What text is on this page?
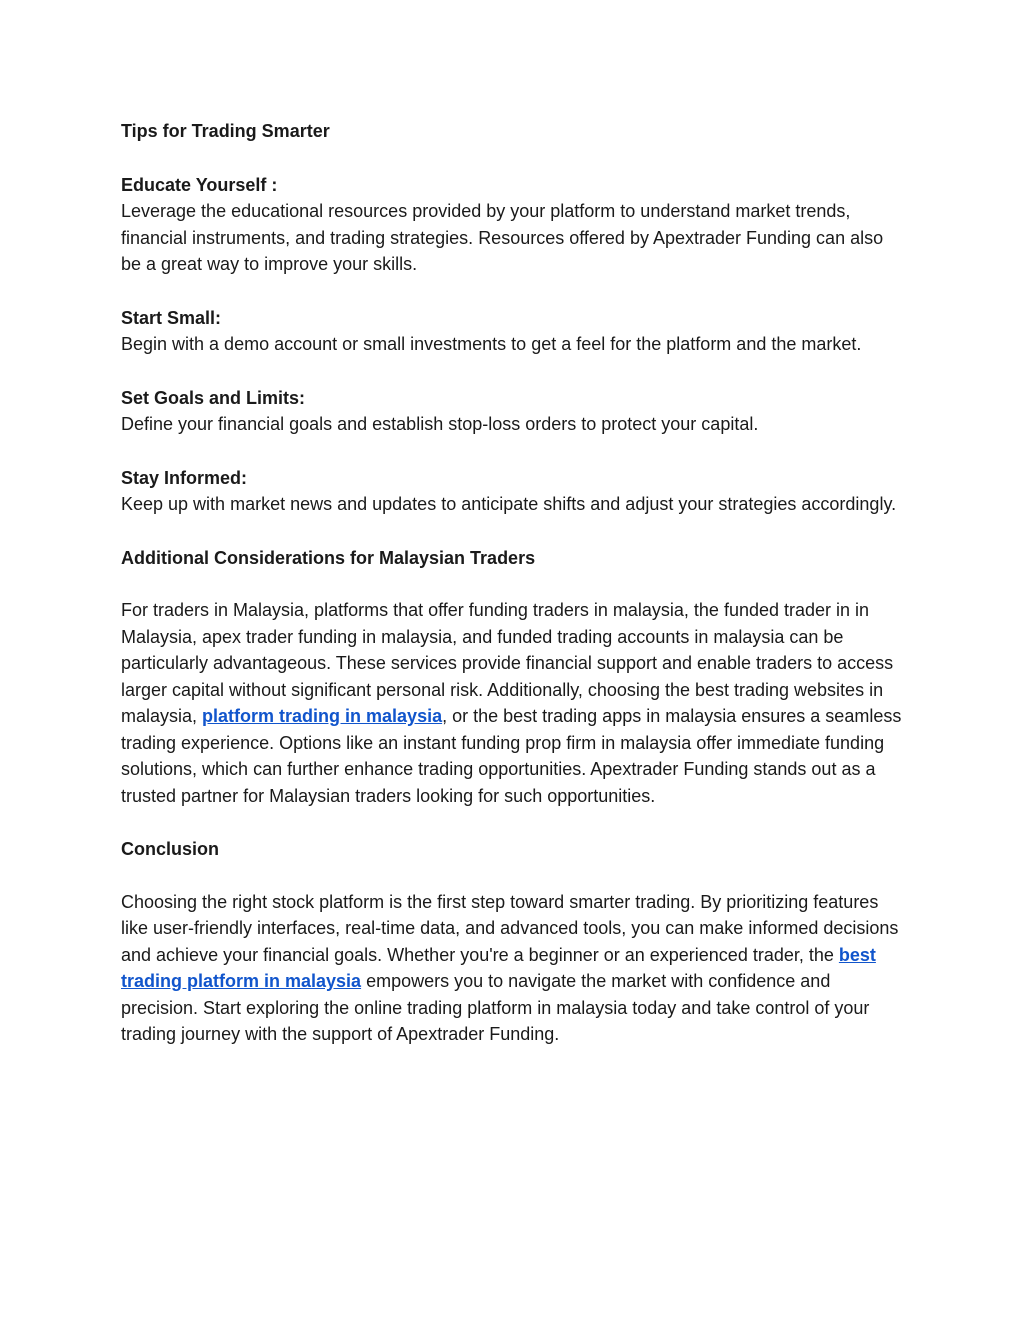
Tips for Trading Smarter

Educate Yourself :

Leverage the educational resources provided by your platform to understand market trends, financial instruments, and trading strategies. Resources offered by Apextrader Funding can also be a great way to improve your skills.

Start Small:

Begin with a demo account or small investments to get a feel for the platform and the market.

Set Goals and Limits:

Define your financial goals and establish stop-loss orders to protect your capital.

Stay Informed:

Keep up with market news and updates to anticipate shifts and adjust your strategies accordingly.

Additional Considerations for Malaysian Traders

For traders in Malaysia, platforms that offer funding traders in malaysia, the funded trader in in Malaysia, apex trader funding in malaysia, and funded trading accounts in malaysia can be particularly advantageous. These services provide financial support and enable traders to access larger capital without significant personal risk. Additionally, choosing the best trading websites in malaysia, platform trading in malaysia, or the best trading apps in malaysia ensures a seamless trading experience. Options like an instant funding prop firm in malaysia offer immediate funding solutions, which can further enhance trading opportunities. Apextrader Funding stands out as a trusted partner for Malaysian traders looking for such opportunities.

Conclusion

Choosing the right stock platform is the first step toward smarter trading. By prioritizing features like user-friendly interfaces, real-time data, and advanced tools, you can make informed decisions and achieve your financial goals. Whether you're a beginner or an experienced trader, the best trading platform in malaysia empowers you to navigate the market with confidence and precision. Start exploring the online trading platform in malaysia today and take control of your trading journey with the support of Apextrader Funding.
